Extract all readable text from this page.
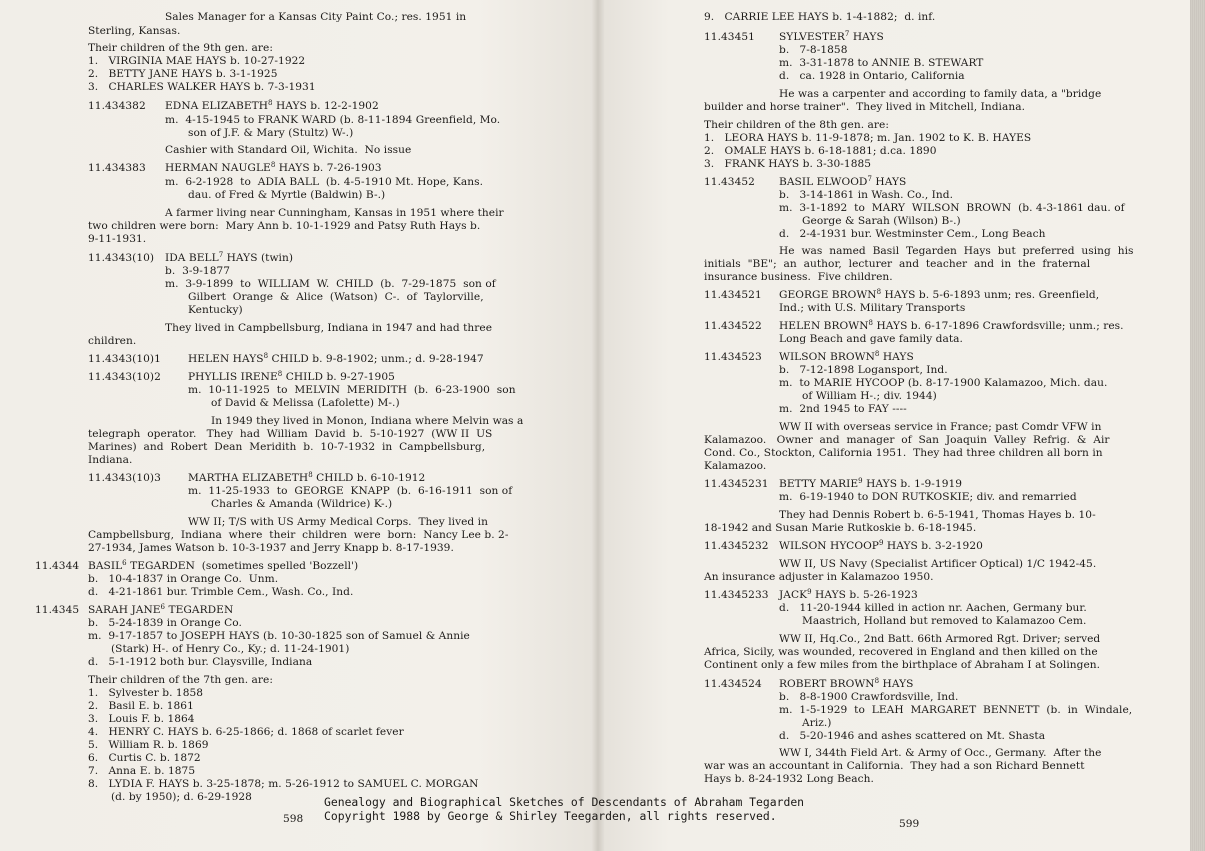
Sales Manager for a Kansas City Paint Co.; res. 1951 in
Sterling, Kansas.
Their children of the 9th gen. are:
1.   VIRGINIA MAE HAYS b. 10-27-1922
2.   BETTY JANE HAYS b. 3-1-1925
3.   CHARLES WALKER HAYS b. 7-3-1931
11.434382 EDNA ELIZABETH$^8$ HAYS b. 12-2-1902
m.  4-15-1945 to FRANK WARD (b. 8-11-1894 Greenfield, Mo.
son of J.F. & Mary (Stultz) W-.)
Cashier with Standard Oil, Wichita.  No issue
11.434383 HERMAN NAUGLE$^8$ HAYS b. 7-26-1903
m.  6-2-1928  to  ADIA BALL  (b. 4-5-1910 Mt. Hope, Kans.
dau. of Fred & Myrtle (Baldwin) B-.)
A farmer living near Cunningham, Kansas in 1951 where their
two children were born:  Mary Ann b. 10-1-1929 and Patsy Ruth Hays b.
9-11-1931.
11.4343(10) IDA BELL$^7$ HAYS (twin)
b.  3-9-1877
m.  3-9-1899  to  WILLIAM  W.  CHILD  (b.  7-29-1875  son of
Gilbert  Orange  &  Alice  (Watson)  C-.  of  Taylorville,
Kentucky)
They lived in Campbellsburg, Indiana in 1947 and had three
children.
11.4343(10)1	HELEN HAYS$^8$ CHILD b. 9-8-1902; unm.; d. 9-28-1947
11.4343(10)2	PHYLLIS IRENE$^8$ CHILD b. 9-27-1905
m.  10-11-1925  to  MELVIN  MERIDITH  (b.  6-23-1900  son
of David & Melissa (Lafolette) M-.)
In 1949 they lived in Monon, Indiana where Melvin was a
telegraph  operator.   They  had  William  David  b.  5-10-1927  (WW II  US
Marines)  and  Robert  Dean  Meridith  b.  10-7-1932  in  Campbellsburg,
Indiana.
11.4343(10)3	MARTHA ELIZABETH$^8$ CHILD b. 6-10-1912
m.  11-25-1933  to  GEORGE  KNAPP  (b.  6-16-1911  son of
Charles & Amanda (Wildrice) K-.)
WW II; T/S with US Army Medical Corps.  They lived in
Campbellsburg,  Indiana  where  their  children  were  born:  Nancy Lee b. 2-
27-1934, James Watson b. 10-3-1937 and Jerry Knapp b. 8-17-1939.
11.4344 BASIL$^6$ TEGARDEN  (sometimes spelled 'Bozzell')
b.   10-4-1837 in Orange Co.  Unm.
d.   4-21-1861 bur. Trimble Cem., Wash. Co., Ind.
11.4345 SARAH JANE$^6$ TEGARDEN
b.   5-24-1839 in Orange Co.
m.  9-17-1857 to JOSEPH HAYS (b. 10-30-1825 son of Samuel & Annie
(Stark) H-. of Henry Co., Ky.; d. 11-24-1901)
d.   5-1-1912 both bur. Claysville, Indiana
Their children of the 7th gen. are:
1.   Sylvester b. 1858
2.   Basil E. b. 1861
3.   Louis F. b. 1864
4.   HENRY C. HAYS b. 6-25-1866; d. 1868 of scarlet fever
5.   William R. b. 1869
6.   Curtis C. b. 1872
7.   Anna E. b. 1875
8.   LYDIA F. HAYS b. 3-25-1878; m. 5-26-1912 to SAMUEL C. MORGAN
(d. by 1950); d. 6-29-1928
9.   CARRIE LEE HAYS b. 1-4-1882;  d. inf.
11.43451 SYLVESTER$^7$ HAYS
b.   7-8-1858
m.  3-31-1878 to ANNIE B. STEWART
d.   ca. 1928 in Ontario, California
He was a carpenter and according to family data, a "bridge
builder and horse trainer".  They lived in Mitchell, Indiana.
Their children of the 8th gen. are:
1.   LEORA HAYS b. 11-9-1878; m. Jan. 1902 to K. B. HAYES
2.   OMALE HAYS b. 6-18-1881; d.ca. 1890
3.   FRANK HAYS b. 3-30-1885
11.43452 BASIL ELWOOD$^7$ HAYS
b.   3-14-1861 in Wash. Co., Ind.
m.  3-1-1892  to  MARY  WILSON  BROWN  (b. 4-3-1861 dau. of
George & Sarah (Wilson) B-.)
d.   2-4-1931 bur. Westminster Cem., Long Beach
He  was  named  Basil  Tegarden  Hays  but  preferred  using  his
initials  "BE";  an  author,  lecturer  and  teacher  and  in  the  fraternal
insurance business.  Five children.
11.434521 GEORGE BROWN$^8$ HAYS b. 5-6-1893 unm; res. Greenfield,
Ind.; with U.S. Military Transports
11.434522 HELEN BROWN$^8$ HAYS b. 6-17-1896 Crawfordsville; unm.; res.
Long Beach and gave family data.
11.434523 WILSON BROWN$^8$ HAYS
b.   7-12-1898 Logansport, Ind.
m.  to MARIE HYCOOP (b. 8-17-1900 Kalamazoo, Mich. dau.
of William H-.; div. 1944)
m.  2nd 1945 to FAY ----
WW II with overseas service in France; past Comdr VFW in
Kalamazoo.   Owner  and  manager  of  San  Joaquin  Valley  Refrig.  &  Air
Cond. Co., Stockton, California 1951.  They had three children all born in
Kalamazoo.
11.4345231 BETTY MARIE$^9$ HAYS b. 1-9-1919
m.  6-19-1940 to DON RUTKOSKIE; div. and remarried
They had Dennis Robert b. 6-5-1941, Thomas Hayes b. 10-
18-1942 and Susan Marie Rutkoskie b. 6-18-1945.
11.4345232 WILSON HYCOOP$^9$ HAYS b. 3-2-1920
WW II, US Navy (Specialist Artificer Optical) 1/C 1942-45.
An insurance adjuster in Kalamazoo 1950.
11.4345233 JACK$^9$ HAYS b. 5-26-1923
d.   11-20-1944 killed in action nr. Aachen, Germany bur.
Maastrich, Holland but removed to Kalamazoo Cem.
WW II, Hq.Co., 2nd Batt. 66th Armored Rgt. Driver; served
Africa, Sicily, was wounded, recovered in England and then killed on the
Continent only a few miles from the birthplace of Abraham I at Solingen.
11.434524 ROBERT BROWN$^8$ HAYS
b.   8-8-1900 Crawfordsville, Ind.
m.  1-5-1929  to  LEAH  MARGARET  BENNETT  (b.  in  Windale,
Ariz.)
d.   5-20-1946 and ashes scattered on Mt. Shasta
WW I, 344th Field Art. & Army of Occ., Germany.  After the
war was an accountant in California.  They had a son Richard Bennett
Hays b. 8-24-1932 Long Beach.
598	599
Genealogy and Biographical Sketches of Descendants of Abraham Tegarden
Copyright 1988 by George & Shirley Teegarden, all rights reserved.
